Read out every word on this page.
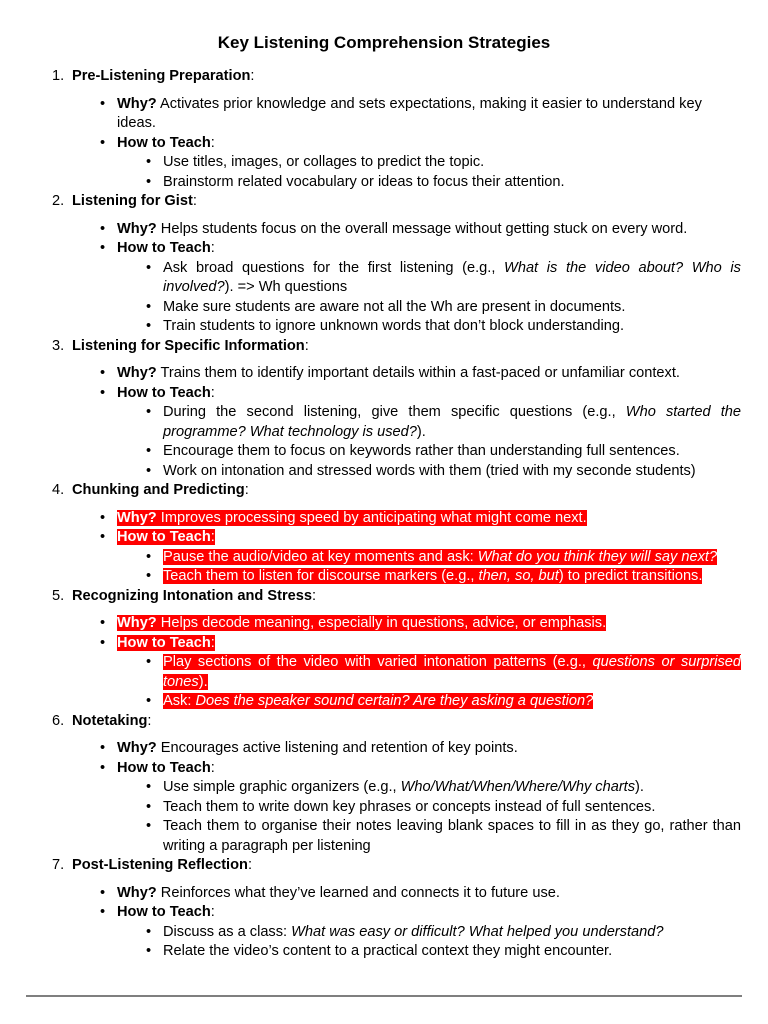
Key Listening Comprehension Strategies
1. Pre-Listening Preparation:
• Why? Activates prior knowledge and sets expectations, making it easier to understand key ideas.
• How to Teach:
• Use titles, images, or collages to predict the topic.
• Brainstorm related vocabulary or ideas to focus their attention.
2. Listening for Gist:
• Why? Helps students focus on the overall message without getting stuck on every word.
• How to Teach:
• Ask broad questions for the first listening (e.g., What is the video about? Who is involved?). => Wh questions
• Make sure students are aware not all the Wh are present in documents.
• Train students to ignore unknown words that don’t block understanding.
3. Listening for Specific Information:
• Why? Trains them to identify important details within a fast-paced or unfamiliar context.
• How to Teach:
• During the second listening, give them specific questions (e.g., Who started the programme? What technology is used?).
• Encourage them to focus on keywords rather than understanding full sentences.
• Work on intonation and stressed words with them (tried with my seconde students)
4. Chunking and Predicting:
• Why? Improves processing speed by anticipating what might come next.
• How to Teach:
• Pause the audio/video at key moments and ask: What do you think they will say next?
• Teach them to listen for discourse markers (e.g., then, so, but) to predict transitions.
5. Recognizing Intonation and Stress:
• Why? Helps decode meaning, especially in questions, advice, or emphasis.
• How to Teach:
• Play sections of the video with varied intonation patterns (e.g., questions or surprised tones).
• Ask: Does the speaker sound certain? Are they asking a question?
6. Notetaking:
• Why? Encourages active listening and retention of key points.
• How to Teach:
• Use simple graphic organizers (e.g., Who/What/When/Where/Why charts).
• Teach them to write down key phrases or concepts instead of full sentences.
• Teach them to organise their notes leaving blank spaces to fill in as they go, rather than writing a paragraph per listening
7. Post-Listening Reflection:
• Why? Reinforces what they’ve learned and connects it to future use.
• How to Teach:
• Discuss as a class: What was easy or difficult? What helped you understand?
• Relate the video’s content to a practical context they might encounter.
